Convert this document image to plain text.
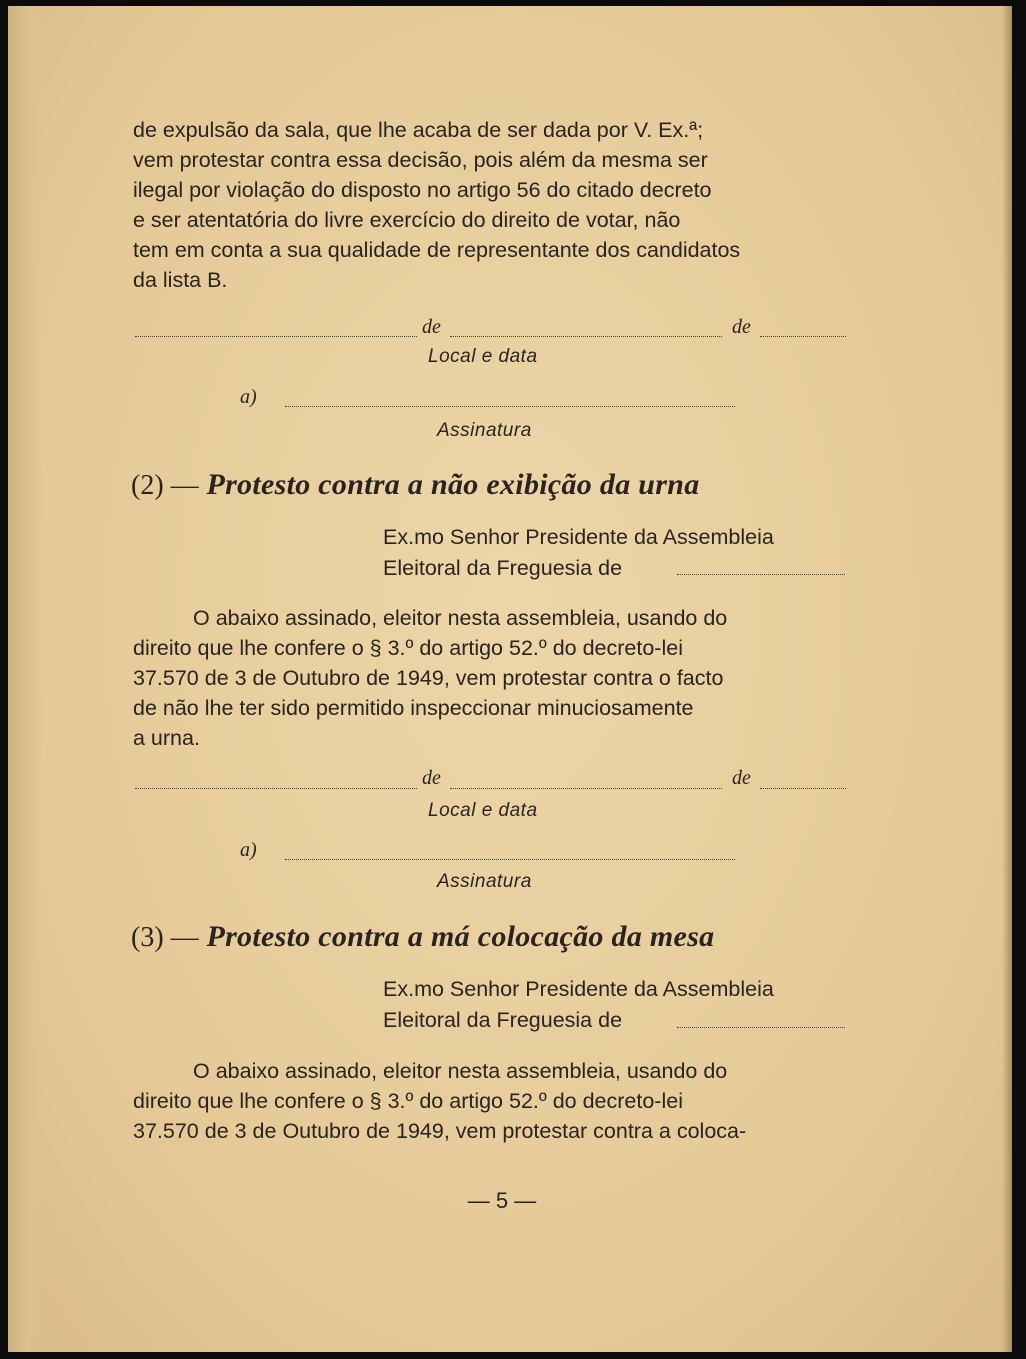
de expulsão da sala, que lhe acaba de ser dada por V. Ex.ª;
vem protestar contra essa decisão, pois além da mesma ser
ilegal por violação do disposto no artigo 56 do citado decreto
e ser atentatória do livre exercício do direito de votar, não
tem em conta a sua qualidade de representante dos candidatos
da lista B.
de	de
Local e data
a)
Assinatura
(2) — Protesto contra a não exibição da urna
Ex.mo Senhor Presidente da Assembleia
Eleitoral da Freguesia de
O abaixo assinado, eleitor nesta assembleia, usando do
direito que lhe confere o § 3.º do artigo 52.º do decreto-lei
37.570 de 3 de Outubro de 1949, vem protestar contra o facto
de não lhe ter sido permitido inspeccionar minuciosamente
a urna.
de	de
Local e data
a)
Assinatura
(3) — Protesto contra a má colocação da mesa
Ex.mo Senhor Presidente da Assembleia
Eleitoral da Freguesia de
O abaixo assinado, eleitor nesta assembleia, usando do
direito que lhe confere o § 3.º do artigo 52.º do decreto-lei
37.570 de 3 de Outubro de 1949, vem protestar contra a coloca-
— 5 —
